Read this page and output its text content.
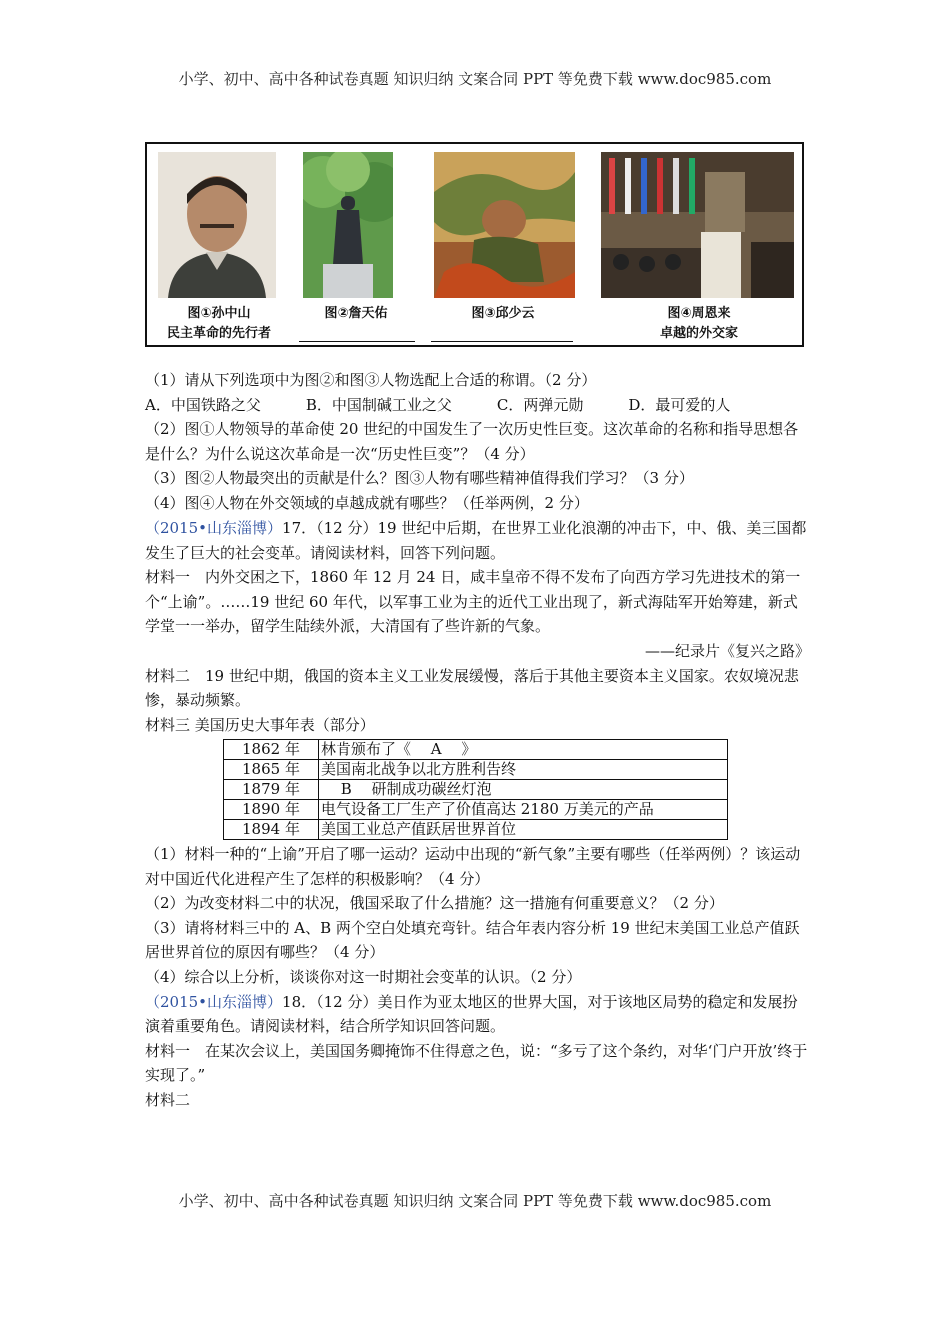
小学、初中、高中各种试卷真题 知识归纳 文案合同 PPT 等免费下载 www.doc985.com
图①孙中山
民主革命的先行者
图②詹天佑	图③邱少云	图④周恩来
卓越的外交家

（1）请从下列选项中为图②和图③人物选配上合适的称谓。（2 分）

A．中国铁路之父　　　B．中国制碱工业之父　　　C．两弹元勋　　　D．最可爱的人

（2）图①人物领导的革命使 20 世纪的中国发生了一次历史性巨变。这次革命的名称和指导思想各是什么？为什么说这次革命是一次“历史性巨变”？（4 分）

（3）图②人物最突出的贡献是什么？图③人物有哪些精神值得我们学习？（3 分）

（4）图④人物在外交领域的卓越成就有哪些？（任举两例，2 分）

（2015•山东淄博）17．（12 分）19 世纪中后期，在世界工业化浪潮的冲击下，中、俄、美三国都发生了巨大的社会变革。请阅读材料，回答下列问题。

材料一　内外交困之下，1860 年 12 月 24 日，咸丰皇帝不得不发布了向西方学习先进技术的第一个“上谕”。……19 世纪 60 年代，以军事工业为主的近代工业出现了，新式海陆军开始筹建，新式学堂一一举办，留学生陆续外派，大清国有了些许新的气象。

——纪录片《复兴之路》

材料二　19 世纪中期，俄国的资本主义工业发展缓慢，落后于其他主要资本主义国家。农奴境况悲惨，暴动频繁。

材料三 美国历史大事年表（部分）

1862 年	林肯颁布了《　 A　 》
1865 年	美国南北战争以北方胜利告终
1879 年	　 B　 研制成功碳丝灯泡
1890 年	电气设备工厂生产了价值高达 2180 万美元的产品
1894 年	美国工业总产值跃居世界首位

（1）材料一种的“上谕”开启了哪一运动？运动中出现的“新气象”主要有哪些（任举两例）？该运动对中国近代化进程产生了怎样的积极影响？（4 分）

（2）为改变材料二中的状况，俄国采取了什么措施？这一措施有何重要意义？（2 分）

（3）请将材料三中的 A、B 两个空白处填充弯针。结合年表内容分析 19 世纪末美国工业总产值跃居世界首位的原因有哪些？（4 分）

（4）综合以上分析，谈谈你对这一时期社会变革的认识。（2 分）

（2015•山东淄博）18．（12 分）美日作为亚太地区的世界大国，对于该地区局势的稳定和发展扮演着重要角色。请阅读材料，结合所学知识回答问题。

材料一　在某次会议上，美国国务卿掩饰不住得意之色，说：“多亏了这个条约，对华‘门户开放’终于实现了。”

材料二

小学、初中、高中各种试卷真题 知识归纳 文案合同 PPT 等免费下载 www.doc985.com
